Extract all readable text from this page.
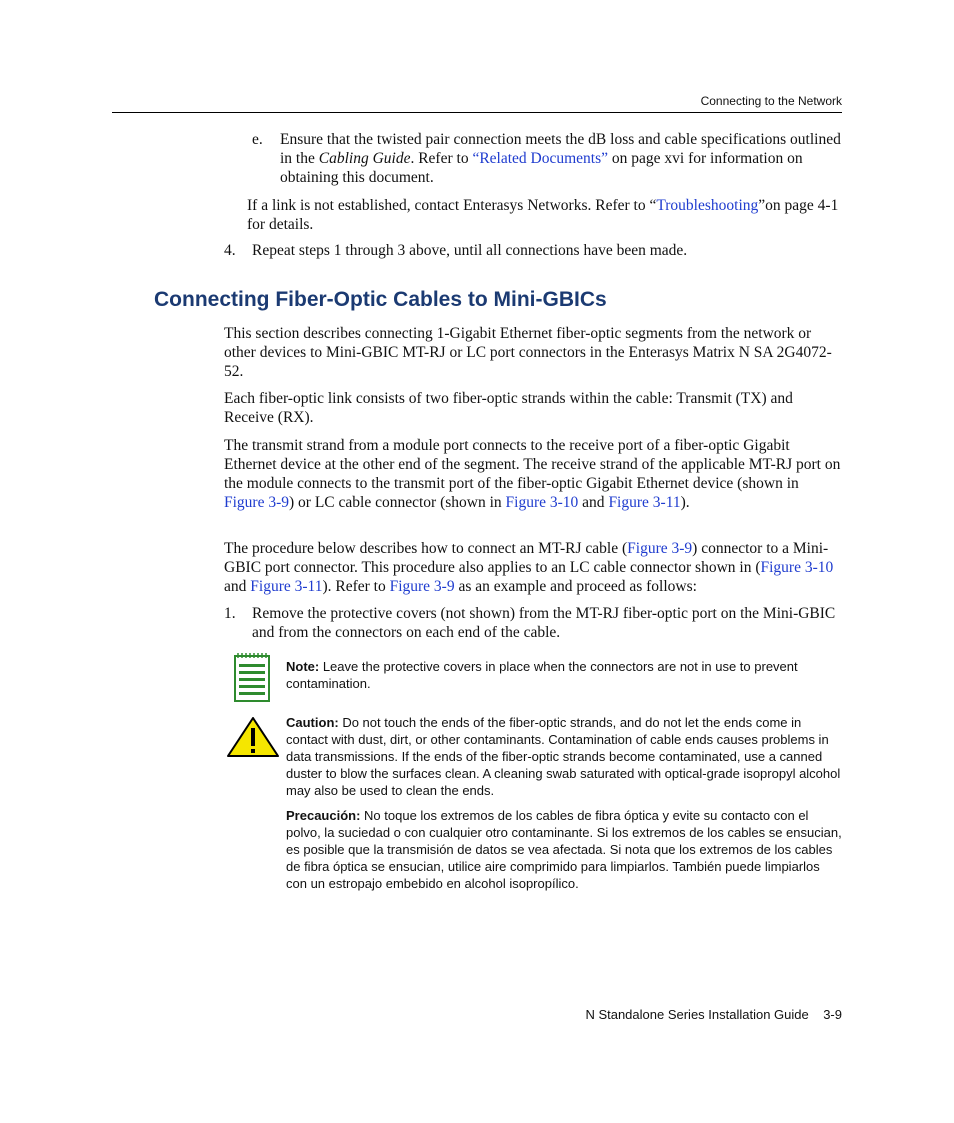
Connecting to the Network
e. Ensure that the twisted pair connection meets the dB loss and cable specifications outlined in the Cabling Guide. Refer to “Related Documents” on page xvi for information on obtaining this document.
If a link is not established, contact Enterasys Networks. Refer to “Troubleshooting”on page 4-1 for details.
4. Repeat steps 1 through 3 above, until all connections have been made.
Connecting Fiber-Optic Cables to Mini-GBICs
This section describes connecting 1-Gigabit Ethernet fiber-optic segments from the network or other devices to Mini-GBIC MT-RJ or LC port connectors in the Enterasys Matrix N SA 2G4072-52.
Each fiber-optic link consists of two fiber-optic strands within the cable: Transmit (TX) and Receive (RX).
The transmit strand from a module port connects to the receive port of a fiber-optic Gigabit Ethernet device at the other end of the segment. The receive strand of the applicable MT-RJ port on the module connects to the transmit port of the fiber-optic Gigabit Ethernet device (shown in Figure 3-9) or LC cable connector (shown in Figure 3-10 and Figure 3-11).
The procedure below describes how to connect an MT-RJ cable (Figure 3-9) connector to a Mini-GBIC port connector. This procedure also applies to an LC cable connector shown in (Figure 3-10 and Figure 3-11). Refer to Figure 3-9 as an example and proceed as follows:
1. Remove the protective covers (not shown) from the MT-RJ fiber-optic port on the Mini-GBIC and from the connectors on each end of the cable.
Note: Leave the protective covers in place when the connectors are not in use to prevent contamination.
Caution: Do not touch the ends of the fiber-optic strands, and do not let the ends come in contact with dust, dirt, or other contaminants. Contamination of cable ends causes problems in data transmissions. If the ends of the fiber-optic strands become contaminated, use a canned duster to blow the surfaces clean. A cleaning swab saturated with optical-grade isopropyl alcohol may also be used to clean the ends.
Precaución: No toque los extremos de los cables de fibra óptica y evite su contacto con el polvo, la suciedad o con cualquier otro contaminante. Si los extremos de los cables se ensucian, es posible que la transmisión de datos se vea afectada. Si nota que los extremos de los cables de fibra óptica se ensucian, utilice aire comprimido para limpiarlos. También puede limpiarlos con un estropajo embebido en alcohol isopropílico.
N Standalone Series Installation Guide 3-9
